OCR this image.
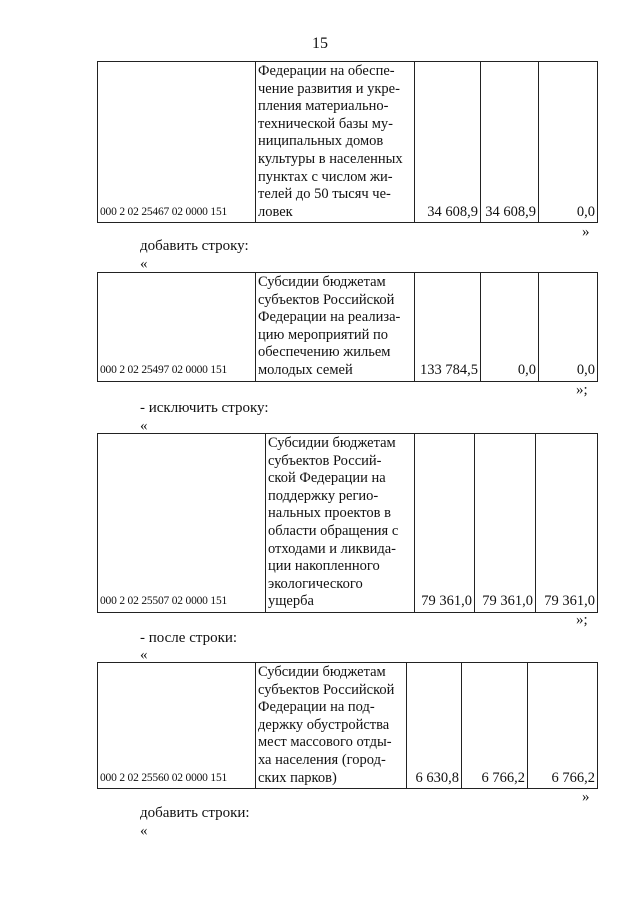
15
000 2 02 25467 02 0000 151	
Федерации на обеспе-
чение развития и укре-
пления материально-
технической базы му-
ниципальных домов
культуры в населенных
пунктах с числом жи-
телей до 50 тысяч че-
ловек	34 608,9	34 608,9	0,0
»
добавить строку:
«
000 2 02 25497 02 0000 151	
Субсидии бюджетам
субъектов Российской
Федерации на реализа-
цию мероприятий по
обеспечению жильем
молодых семей	133 784,5	0,0	0,0
»;
- исключить строку:
«
000 2 02 25507 02 0000 151	
Субсидии бюджетам
субъектов Россий-
ской Федерации на
поддержку регио-
нальных проектов в
области обращения с
отходами и ликвида-
ции накопленного
экологического
ущерба	79 361,0	79 361,0	79 361,0
»;
- после строки:
«
000 2 02 25560 02 0000 151	
Субсидии бюджетам
субъектов Российской
Федерации на под-
держку обустройства
мест массового отды-
ха населения (город-
ских парков)	6 630,8	6 766,2	6 766,2
»
добавить строки:
«
